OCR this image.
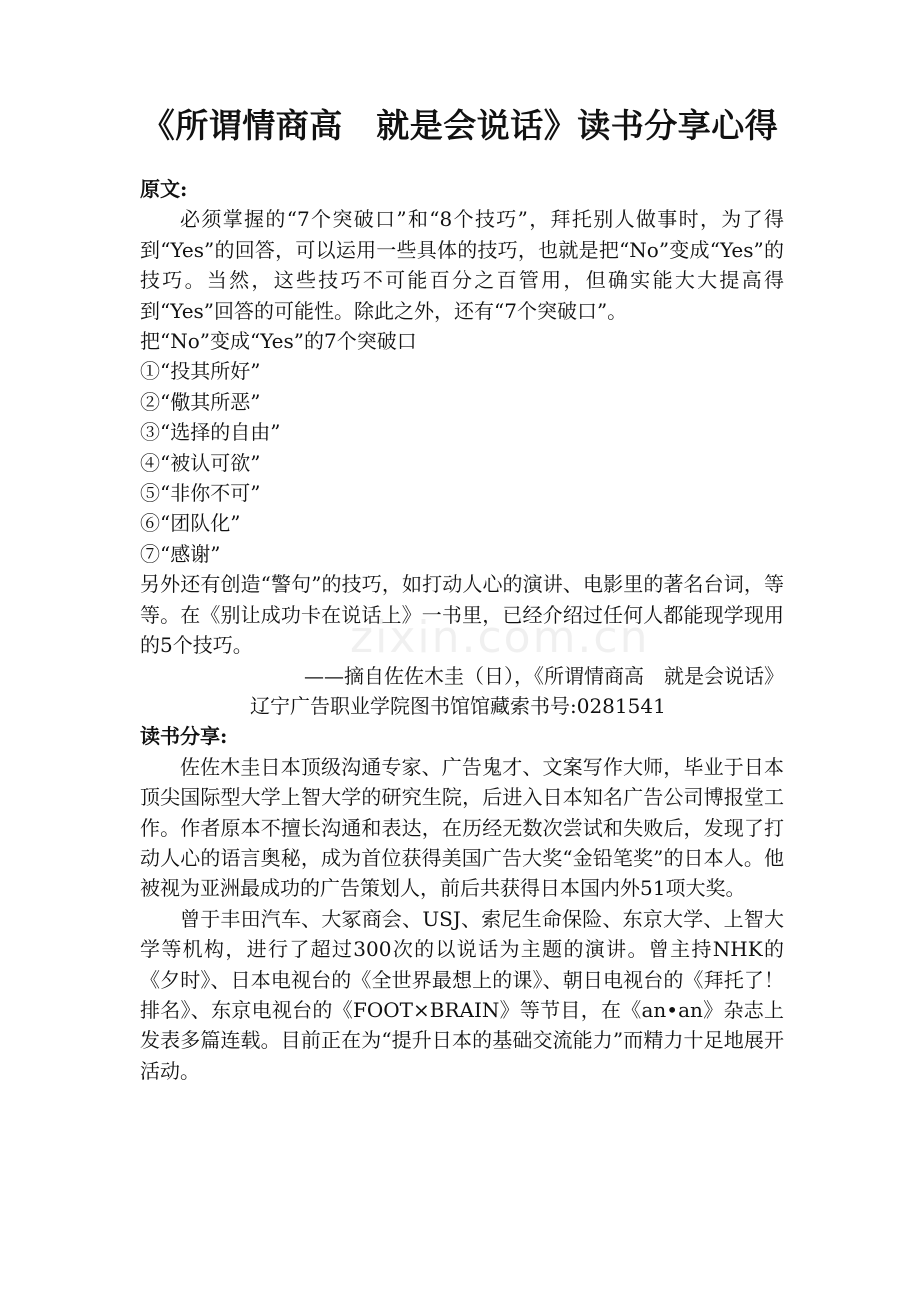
《所谓情商高　就是会说话》读书分享心得

原文:

必须掌握的“7个突破口”和“8个技巧”，拜托别人做事时，为了得到“Yes”的回答，可以运用一些具体的技巧，也就是把“No”变成“Yes”的技巧。当然，这些技巧不可能百分之百管用，但确实能大大提高得到“Yes”回答的可能性。除此之外，还有“7个突破口”。

把“No”变成“Yes”的7个突破口

①“投其所好”
②“儆其所恶”
③“选择的自由”
④“被认可欲”
⑤“非你不可”
⑥“团队化”
⑦“感谢”

另外还有创造“警句”的技巧，如打动人心的演讲、电影里的著名台词，等等。在《别让成功卡在说话上》一书里，已经介绍过任何人都能现学现用的5个技巧。

——摘自佐佐木圭（日），《所谓情商高　就是会说话》

辽宁广告职业学院图书馆馆藏索书号:0281541

读书分享:

佐佐木圭日本顶级沟通专家、广告鬼才、文案写作大师，毕业于日本顶尖国际型大学上智大学的研究生院，后进入日本知名广告公司博报堂工作。作者原本不擅长沟通和表达，在历经无数次尝试和失败后，发现了打动人心的语言奥秘，成为首位获得美国广告大奖“金铅笔奖”的日本人。他被视为亚洲最成功的广告策划人，前后共获得日本国内外51项大奖。

曾于丰田汽车、大冢商会、USJ、索尼生命保险、东京大学、上智大学等机构，进行了超过300次的以说话为主题的演讲。曾主持NHK的《夕时》、日本电视台的《全世界最想上的课》、朝日电视台的《拜托了！排名》、东京电视台的《FOOT×BRAIN》等节目，在《an•an》杂志上发表多篇连载。目前正在为“提升日本的基础交流能力”而精力十足地展开活动。

zixin.com.cn
